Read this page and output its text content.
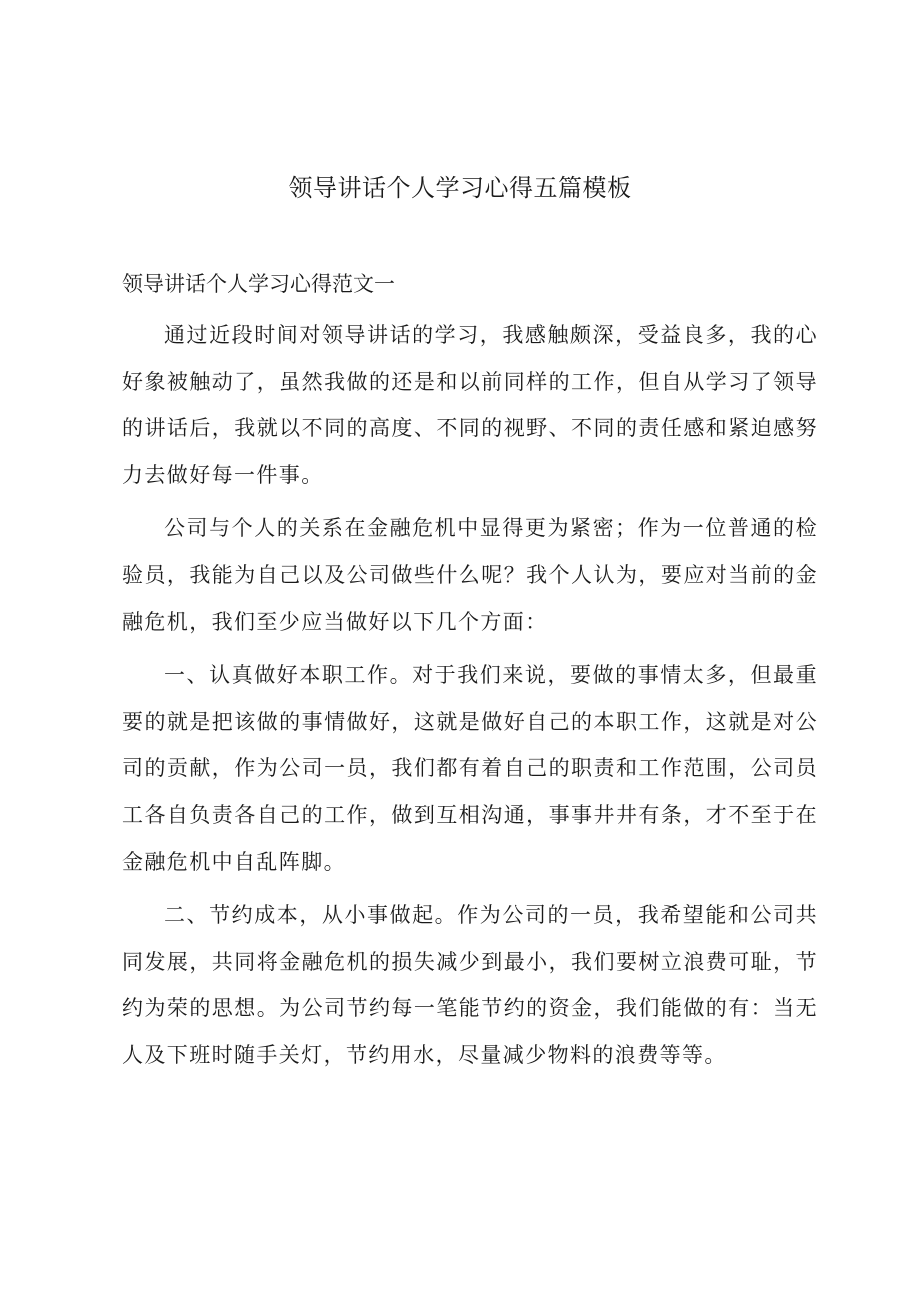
领导讲话个人学习心得五篇模板
领导讲话个人学习心得范文一

通过近段时间对领导讲话的学习，我感触颇深，受益良多，我的心好象被触动了，虽然我做的还是和以前同样的工作，但自从学习了领导的讲话后，我就以不同的高度、不同的视野、不同的责任感和紧迫感努力去做好每一件事。

公司与个人的关系在金融危机中显得更为紧密；作为一位普通的检验员，我能为自己以及公司做些什么呢？我个人认为，要应对当前的金融危机，我们至少应当做好以下几个方面：

一、认真做好本职工作。对于我们来说，要做的事情太多，但最重要的就是把该做的事情做好，这就是做好自己的本职工作，这就是对公司的贡献，作为公司一员，我们都有着自己的职责和工作范围，公司员工各自负责各自己的工作，做到互相沟通，事事井井有条，才不至于在金融危机中自乱阵脚。

二、节约成本，从小事做起。作为公司的一员，我希望能和公司共同发展，共同将金融危机的损失减少到最小，我们要树立浪费可耻，节约为荣的思想。为公司节约每一笔能节约的资金，我们能做的有：当无人及下班时随手关灯，节约用水，尽量减少物料的浪费等等。
